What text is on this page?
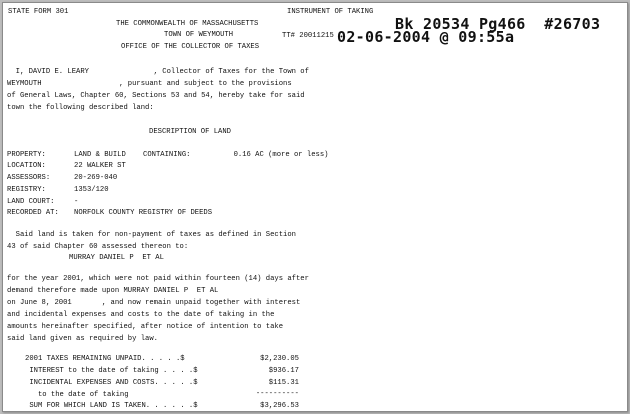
STATE FORM 301	INSTRUMENT OF TAKING
THE COMMONWEALTH OF MASSACHUSETTS
TOWN OF WEYMOUTH
OFFICE OF THE COLLECTOR OF TAXES
TT# 20011215
Bk 20534 Pg466  #26703
02-06-2004 @ 09:55a
I, DAVID E. LEARY               , Collector of Taxes for the Town of
WEYMOUTH                  , pursuant and subject to the provisions
of General Laws, Chapter 60, Sections 53 and 54, hereby take for said
town the following described land:
DESCRIPTION OF LAND
PROPERTY:	LAND & BUILD    CONTAINING:          0.16 AC (more or less)
LOCATION:	22 WALKER ST
ASSESSORS:	20-269-040
REGISTRY:	1353/120
LAND COURT:	-
RECORDED AT: NORFOLK COUNTY REGISTRY OF DEEDS
Said land is taken for non-payment of taxes as defined in Section
43 of said Chapter 60 assessed thereon to:
MURRAY DANIEL P  ET AL
for the year 2001, which were not paid within fourteen (14) days after
demand therefore made upon MURRAY DANIEL P  ET AL
on June 8, 2001       , and now remain unpaid together with interest
and incidental expenses and costs to the date of taking in the
amounts hereinafter specified, after notice of intention to take
said land given as required by law.
2001 TAXES REMAINING UNPAID. . . . .$	$2,230.05
INTEREST to the date of taking . . . .$	$936.17
INCIDENTAL EXPENSES AND COSTS. . . . .$	$115.31
to the date of taking	----------
SUM FOR WHICH LAND IS TAKEN. . . . . .$	$3,296.53
